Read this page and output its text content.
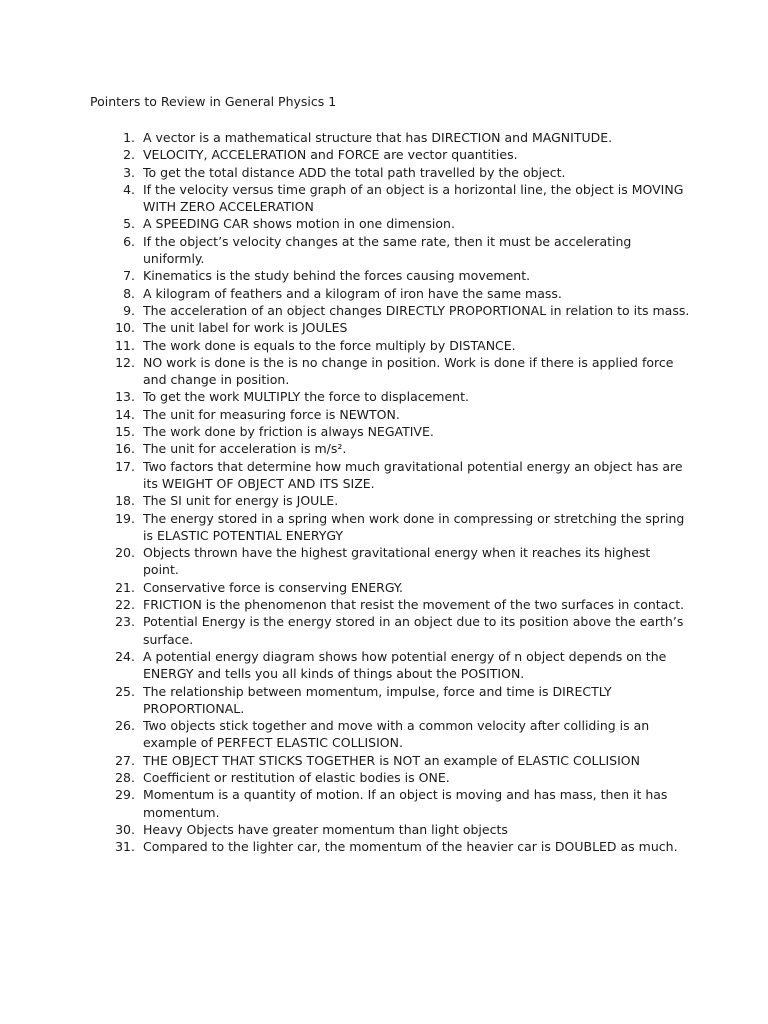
Pointers to Review in General Physics 1
1 . A vector is a mathematical structure that has DIRECTION and MAGNITUDE.
2 . VELOCITY, ACCELERATION and FORCE are vector quantities.
3 . To get the total distance ADD the total path travelled by the object.
4 . If the velocity versus time graph of an object is a horizontal line, the object is MOVING WITH ZERO ACCELERATION
5 . A SPEEDING CAR shows motion in one dimension.
6 . If the object’s velocity changes at the same rate, then it must be accelerating uniformly.
7 . Kinematics is the study behind the forces causing movement.
8 . A kilogram of feathers and a kilogram of iron have the same mass.
9 . The acceleration of an object changes DIRECTLY PROPORTIONAL in relation to its mass.
10 . The unit label for work is JOULES
11 . The work done is equals to the force multiply by DISTANCE.
12 . NO work is done is the is no change in position. Work is done if there is applied force and change in position.
13 . To get the work MULTIPLY the force to displacement.
14 . The unit for measuring force is NEWTON.
15 . The work done by friction is always NEGATIVE.
16 . The unit for acceleration is m/s².
17 . Two factors that determine how much gravitational potential energy an object has are its WEIGHT OF OBJECT AND ITS SIZE.
18 . The SI unit for energy is JOULE.
19 . The energy stored in a spring when work done in compressing or stretching the spring is ELASTIC POTENTIAL ENERYGY
20 . Objects thrown have the highest gravitational energy when it reaches its highest point.
21 . Conservative force is conserving ENERGY.
22 . FRICTION is the phenomenon that resist the movement of the two surfaces in contact.
23 . Potential Energy is the energy stored in an object due to its position above the earth’s surface.
24 . A potential energy diagram shows how potential energy of n object depends on the ENERGY and tells you all kinds of things about the POSITION.
25 . The relationship between momentum, impulse, force and time is DIRECTLY PROPORTIONAL.
26 . Two objects stick together and move with a common velocity after colliding is an example of PERFECT ELASTIC COLLISION.
27 . THE OBJECT THAT STICKS TOGETHER is NOT an example of ELASTIC COLLISION
28 . Coefficient or restitution of elastic bodies is ONE.
29 . Momentum is a quantity of motion. If an object is moving and has mass, then it has momentum.
30 . Heavy Objects have greater momentum than light objects
31 . Compared to the lighter car, the momentum of the heavier car is DOUBLED as much.
